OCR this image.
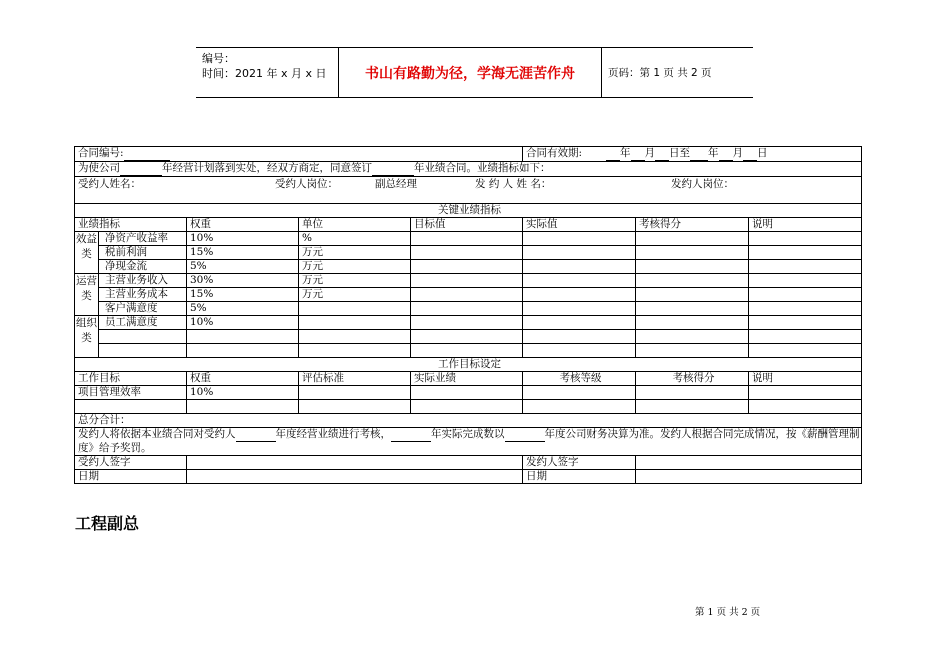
编号：
时间：2021 年 x 月 x 日	书山有路勤为径，学海无涯苦作舟	页码：第 1 页 共 2 页
合同编号:					合同有效期: 年 月 日至 年 月 日		
为使公司 年经营计划落到实处，经双方商定，同意签订 年业绩合同。业绩指标如下：							

受约人姓名： 受约人岗位： 副总经理 发 约 人 姓 名： 发约人岗位：							

关键业绩指标							
业绩指标		权重	单位	目标值	实际值	考核得分	说明
效益类	净资产收益率	10%	%				
	税前利润	15%	万元				
	净现金流	5%	万元				
运营类	主营业务收入	30%	万元				
	主营业务成本	15%	万元				
	客户满意度	5%					
组织类	员工满意度	10%					

工作目标设定							
工作目标		权重	评估标准	实际业绩	考核等级	考核得分	说明
项目管理效率		10%					

总分合计：							
发约人将依据本业绩合同对受约人 年度经营业绩进行考核， 年实际完成数以 年度公司财务决算为准。发约人根据合同完成情况，按《薪酬管理制度》给予奖罚。							
受约人签字					发约人签字		
日期					日期		
工程副总
第 1 页 共 2 页
